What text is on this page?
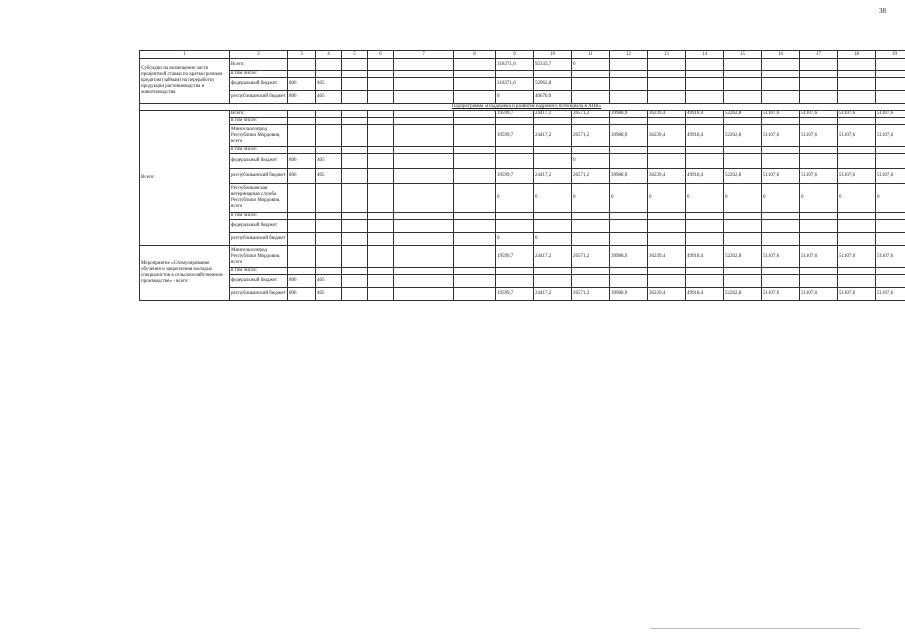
38
1	2	3	4	5	6	7	8	9	10	11	12	13	14	15	16	17	18	19
Субсидии на возмещение части процентной ставки по краткосрочным кредитам (займам) на переработку продукции растениеводства и животноводства	Всего:							318371,6	92333,7	0								
	в том числе:																	
	федеральный бюджет	806	405					318371,6	52062,8									
	республиканский бюджет	806	405					0	40670,9									
Подпрограмма «Поддержка и развитие кадрового потенциала в АПК»																		
Всего:	Всего:							19599,7	24417,2	26571,2	39988,9	36239,4	49918,4	52262,8	51107,6	51107,6	51107,6	51107,6
	в том числе:																	
	Минсельхозпрод Республики Мордовия, всего							19599,7	24417,2	26571,2	39988,9	36239,4	49918,4	52262,8	51107,6	51107,6	51107,6	51107,6
	в том числе:																	
	федеральный бюджет	806	405							0								
	республиканский бюджет	806	405					19599,7	24417,2	26571,2	39988,9	36239,4	49918,4	52262,8	51107,6	51107,6	51107,6	51107,6
	Республиканская ветеринарная служба Республики Мордовия, всего							0	0	0	0	0	0	0	0	0	0	0
	в том числе:																	
	федеральный бюджет																	
	республиканский бюджет							0	0									
Мероприятие «Стимулирование обучения и закрепления молодых специалистов в сельскохозяйственном производстве» - всего:	Минсельхозпрод Республики Мордовия, всего							19599,7	24417,2	26571,2	39988,9	36239,4	49918,4	52262,8	51107,6	51107,6	51107,6	51107,6
	в том числе:																	
	федеральный бюджет	806	405															
	республиканский бюджет	806	405					19599,7	24417,2	26571,2	39988,9	36239,4	49918,4	52262,8	51107,6	51107,6	51107,6	51107,6
